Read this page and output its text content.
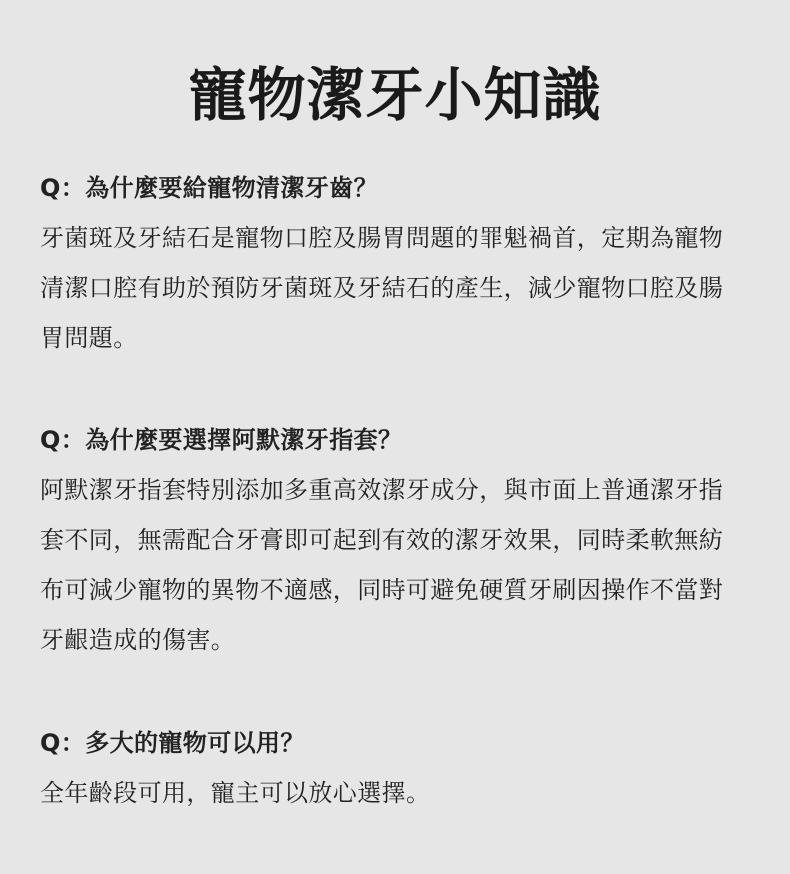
寵物潔牙小知識
Q：為什麼要給寵物清潔牙齒？
牙菌斑及牙結石是寵物口腔及腸胃問題的罪魁禍首，定期為寵物
清潔口腔有助於預防牙菌斑及牙結石的產生，減少寵物口腔及腸
胃問題。
Q：為什麼要選擇阿默潔牙指套？
阿默潔牙指套特別添加多重高效潔牙成分，與市面上普通潔牙指
套不同，無需配合牙膏即可起到有效的潔牙效果，同時柔軟無紡
布可減少寵物的異物不適感，同時可避免硬質牙刷因操作不當對
牙齦造成的傷害。
Q：多大的寵物可以用？
全年齡段可用，寵主可以放心選擇。
